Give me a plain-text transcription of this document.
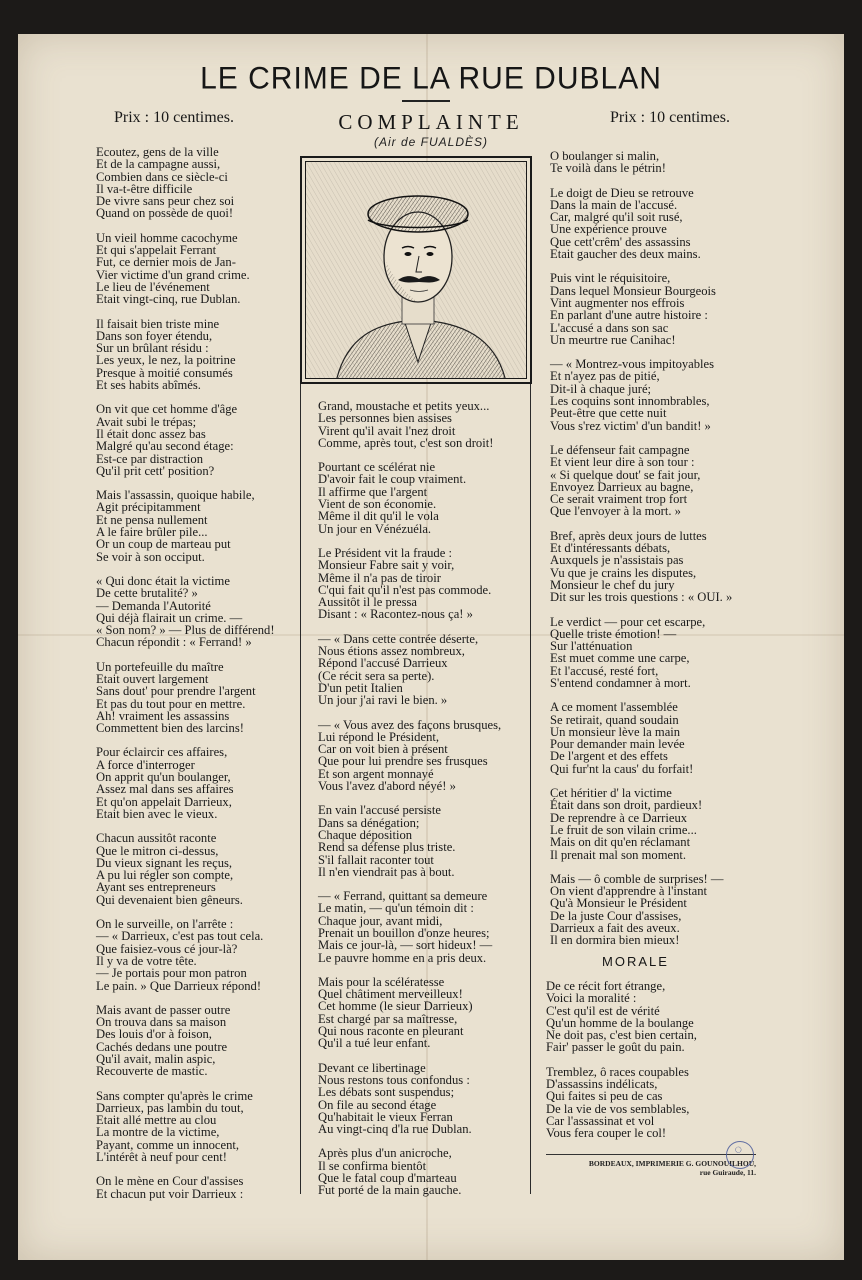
LE CRIME DE LA RUE DUBLAN
Prix : 10 centimes.	COMPLAINTE	Prix : 10 centimes.
(Air de FUALDÈS)
Ecoutez, gens de la ville
Et de la campagne aussi,
Combien dans ce siècle-ci
Il va-t-être difficile
De vivre sans peur chez soi
Quand on possède de quoi!
Un vieil homme cacochyme
Et qui s'appelait Ferrant
Fut, ce dernier mois de Jan-
Vier victime d'un grand crime.
Le lieu de l'événement
Etait vingt-cinq, rue Dublan.
Il faisait bien triste mine
Dans son foyer étendu,
Sur un brûlant résidu :
Les yeux, le nez, la poitrine
Presque à moitié consumés
Et ses habits abîmés.
On vit que cet homme d'âge
Avait subi le trépas;
Il était donc assez bas
Malgré qu'au second étage:
Est-ce par distraction
Qu'il prit cett' position?
Mais l'assassin, quoique habile,
Agit précipitamment
Et ne pensa nullement
A le faire brûler pile...
Or un coup de marteau put
Se voir à son occiput.
« Qui donc était la victime
De cette brutalité? »
— Demanda l'Autorité
Qui déjà flairait un crime. —
« Son nom? » — Plus de différend!
Chacun répondit : « Ferrand! »
Un portefeuille du maître
Etait ouvert largement
Sans dout' pour prendre l'argent
Et pas du tout pour en mettre.
Ah! vraiment les assassins
Commettent bien des larcins!
Pour éclaircir ces affaires,
A force d'interroger
On apprit qu'un boulanger,
Assez mal dans ses affaires
Et qu'on appelait Darrieux,
Etait bien avec le vieux.
Chacun aussitôt raconte
Que le mitron ci-dessus,
Du vieux signant les reçus,
A pu lui régler son compte,
Ayant ses entrepreneurs
Qui devenaient bien gêneurs.
On le surveille, on l'arrête :
— « Darrieux, c'est pas tout cela.
Que faisiez-vous cé jour-là?
Il y va de votre tête.
— Je portais pour mon patron
Le pain. » Que Darrieux répond!
Mais avant de passer outre
On trouva dans sa maison
Des louis d'or à foison,
Cachés dedans une poutre
Qu'il avait, malin aspic,
Recouverte de mastic.
Sans compter qu'après le crime
Darrieux, pas lambin du tout,
Etait allé mettre au clou
La montre de la victime,
Payant, comme un innocent,
L'intérêt à neuf pour cent!
On le mène en Cour d'assises
Et chacun put voir Darrieux :
Grand, moustache et petits yeux...
Les personnes bien assises
Virent qu'il avait l'nez droit
Comme, après tout, c'est son droit!
Pourtant ce scélérat nie
D'avoir fait le coup vraiment.
Il affirme que l'argent
Vient de son économie.
Même il dit qu'il le vola
Un jour en Vénézuéla.
Le Président vit la fraude :
Monsieur Fabre sait y voir,
Même il n'a pas de tiroir
C'qui fait qu'il n'est pas commode.
Aussitôt il le pressa
Disant : « Racontez-nous ça! »
— « Dans cette contrée déserte,
Nous étions assez nombreux,
Répond l'accusé Darrieux
(Ce récit sera sa perte).
D'un petit Italien
Un jour j'ai ravi le bien. »
— « Vous avez des façons brusques,
Lui répond le Président,
Car on voit bien à présent
Que pour lui prendre ses frusques
Et son argent monnayé
Vous l'avez d'abord néyé! »
En vain l'accusé persiste
Dans sa dénégation;
Chaque déposition
Rend sa défense plus triste.
S'il fallait raconter tout
Il n'en viendrait pas à bout.
— « Ferrand, quittant sa demeure
Le matin, — qu'un témoin dit :
Chaque jour, avant midi,
Prenait un bouillon d'onze heures;
Mais ce jour-là, — sort hideux! —
Le pauvre homme en a pris deux.
Mais pour la scélératesse
Quel châtiment merveilleux!
Cet homme (le sieur Darrieux)
Est chargé par sa maîtresse,
Qui nous raconte en pleurant
Qu'il a tué leur enfant.
Devant ce libertinage
Nous restons tous confondus :
Les débats sont suspendus;
On file au second étage
Qu'habitait le vieux Ferran
Au vingt-cinq d'la rue Dublan.
Après plus d'un anicroche,
Il se confirma bientôt
Que le fatal coup d'marteau
Fut porté de la main gauche.
O boulanger si malin,
Te voilà dans le pétrin!
Le doigt de Dieu se retrouve
Dans la main de l'accusé.
Car, malgré qu'il soit rusé,
Une expérience prouve
Que cett'crêm' des assassins
Etait gaucher des deux mains.
Puis vint le réquisitoire,
Dans lequel Monsieur Bourgeois
Vint augmenter nos effrois
En parlant d'une autre histoire :
L'accusé a dans son sac
Un meurtre rue Canihac!
— « Montrez-vous impitoyables
Et n'ayez pas de pitié,
Dit-il à chaque juré;
Les coquins sont innombrables,
Peut-être que cette nuit
Vous s'rez victim' d'un bandit! »
Le défenseur fait campagne
Et vient leur dire à son tour :
« Si quelque dout' se fait jour,
Envoyez Darrieux au bagne,
Ce serait vraiment trop fort
Que l'envoyer à la mort. »
Bref, après deux jours de luttes
Et d'intéressants débats,
Auxquels je n'assistais pas
Vu que je crains les disputes,
Monsieur le chef du jury
Dit sur les trois questions : « OUI. »
Le verdict — pour cet escarpe,
Quelle triste émotion! —
Sur l'atténuation
Est muet comme une carpe,
Et l'accusé, resté fort,
S'entend condamner à mort.
A ce moment l'assemblée
Se retirait, quand soudain
Un monsieur lève la main
Pour demander main levée
De l'argent et des effets
Qui fur'nt la caus' du forfait!
Cet héritier d' la victime
Était dans son droit, pardieux!
De reprendre à ce Darrieux
Le fruit de son vilain crime...
Mais on dit qu'en réclamant
Il prenait mal son moment.
Mais — ô comble de surprises! —
On vient d'apprendre à l'instant
Qu'à Monsieur le Président
De la juste Cour d'assises,
Darrieux a fait des aveux.
Il en dormira bien mieux!
MORALE
De ce récit fort étrange,
Voici la moralité :
C'est qu'il est de vérité
Qu'un homme de la boulange
Ne doit pas, c'est bien certain,
Fair' passer le goût du pain.
Tremblez, ô races coupables
D'assassins indélicats,
Qui faites si peu de cas
De la vie de vos semblables,
Car l'assassinat et vol
Vous fera couper le col!
BORDEAUX, IMPRIMERIE G. GOUNOUILHOU,
rue Guiraude, 11.
◯
